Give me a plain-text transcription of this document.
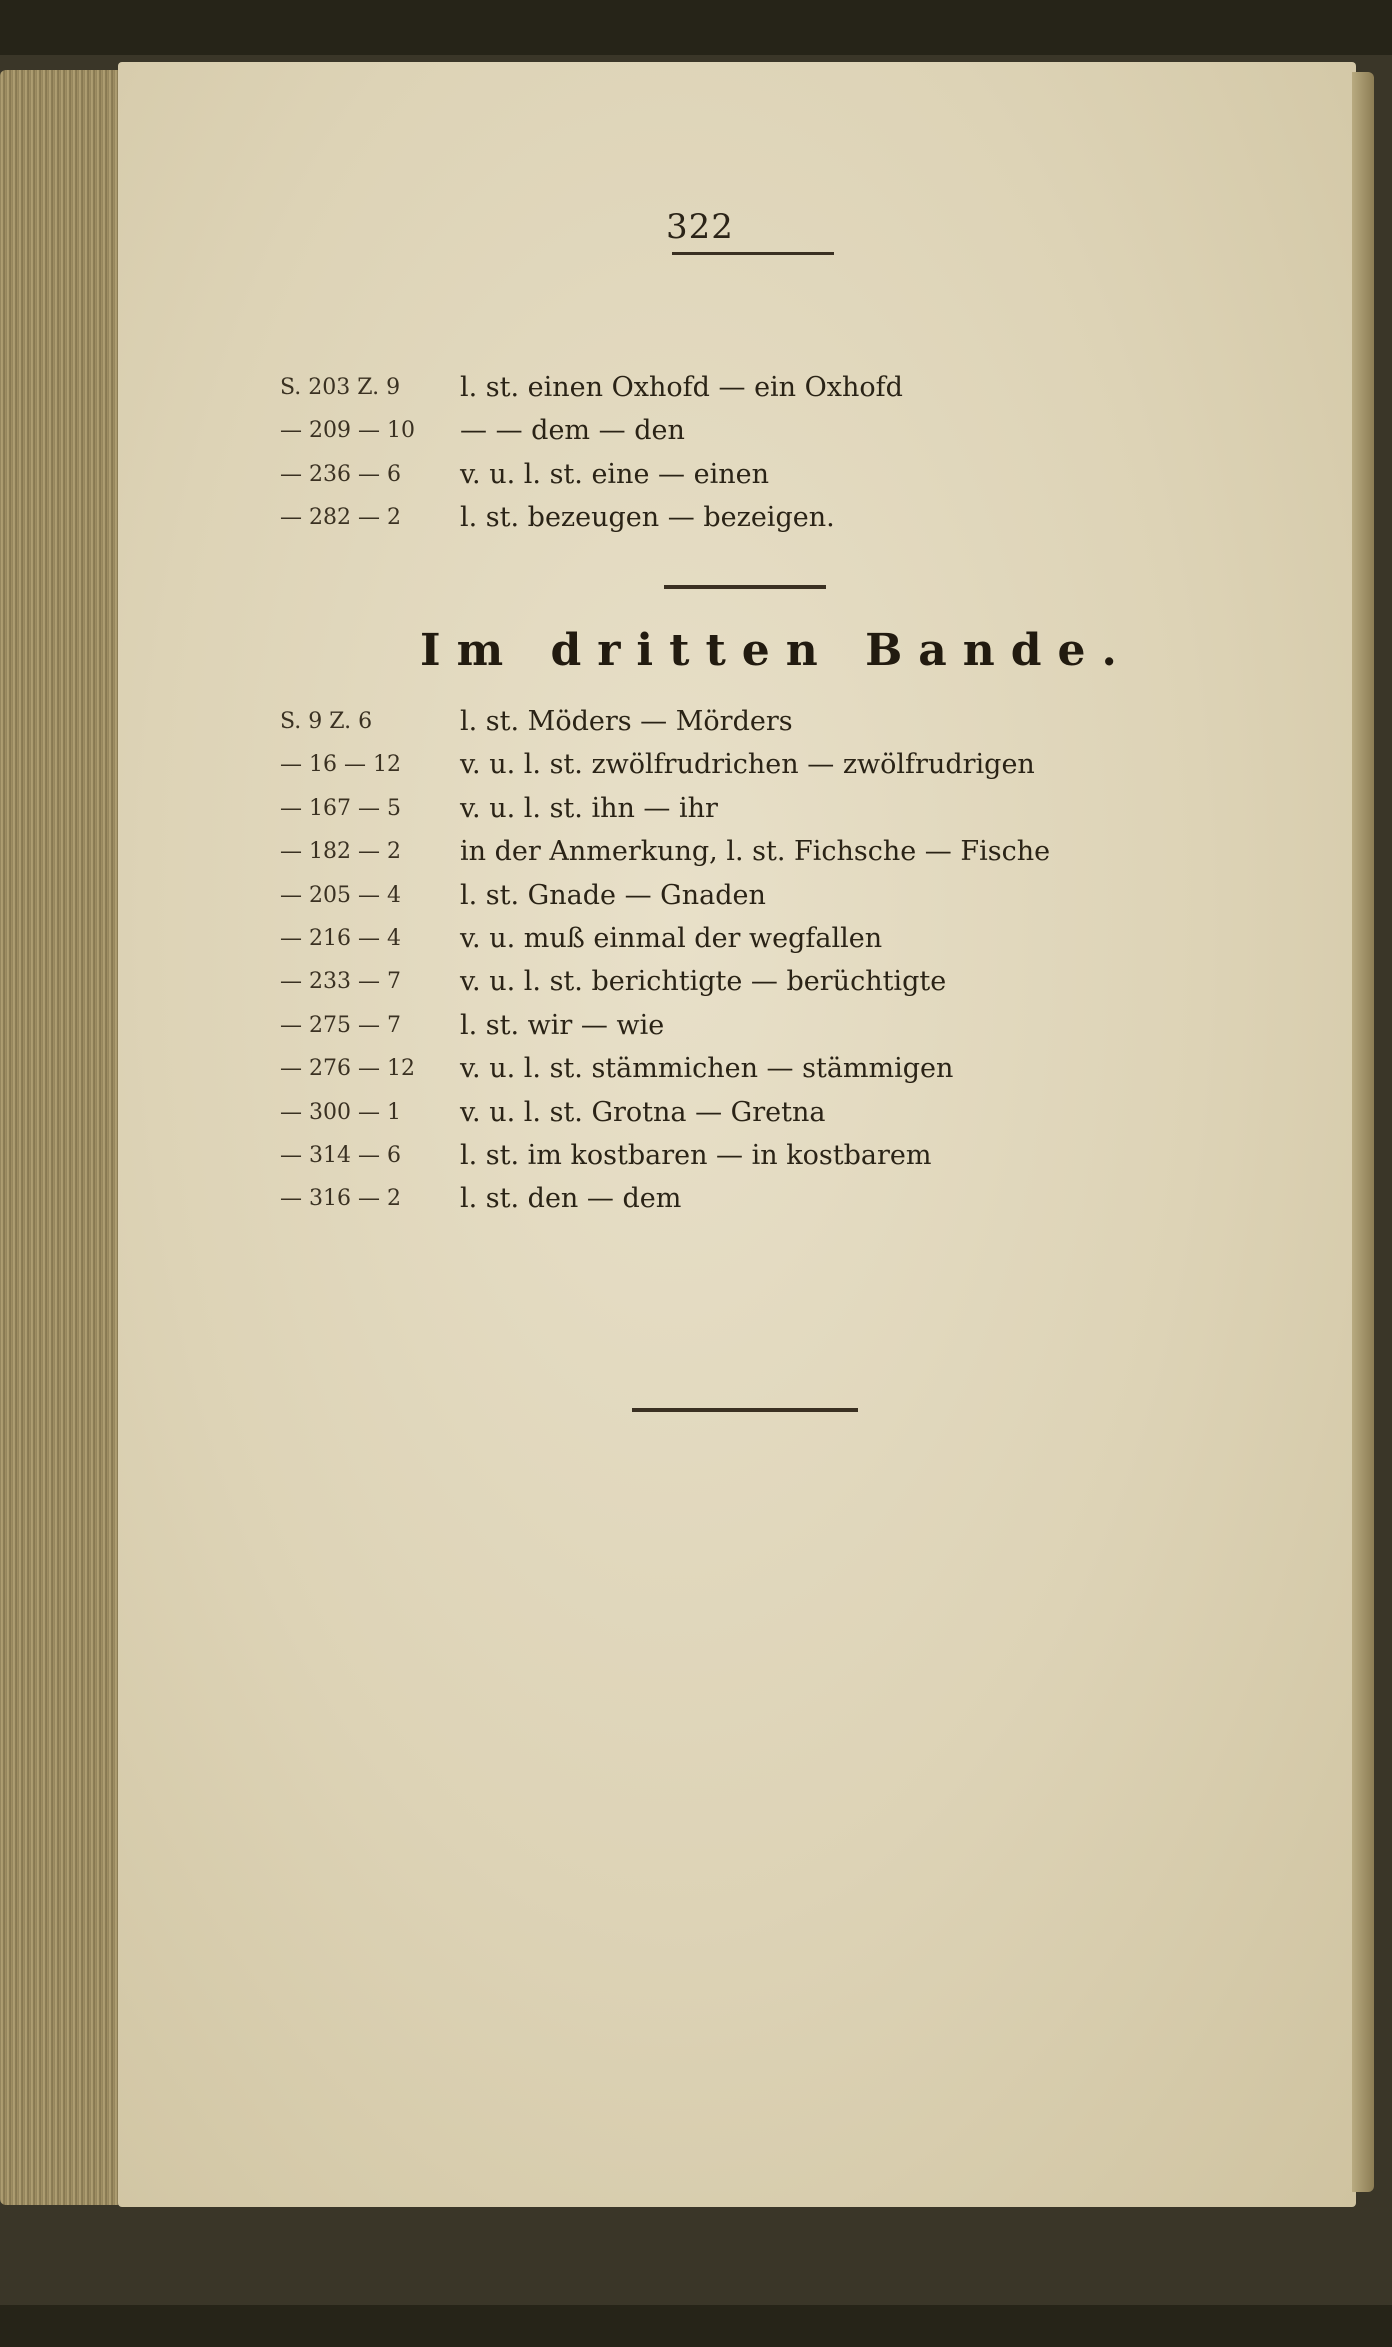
322
S. 203 Z. 9	l. st. einen Oxhofd — ein Oxhofd
— 209 — 10	— — dem — den
— 236 — 6	v. u. l. st. eine — einen
— 282 — 2	l. st. bezeugen — bezeigen.
Im dritten Bande.
S. 9 Z. 6	l. st. Möders — Mörders
— 16 — 12	v. u. l. st. zwölfrudrichen — zwölfrudrigen
— 167 — 5	v. u. l. st. ihn — ihr
— 182 — 2	in der Anmerkung, l. st. Fichsche — Fische
— 205 — 4	l. st. Gnade — Gnaden
— 216 — 4	v. u. muß einmal der wegfallen
— 233 — 7	v. u. l. st. berichtigte — berüchtigte
— 275 — 7	l. st. wir — wie
— 276 — 12	v. u. l. st. stämmichen — stämmigen
— 300 — 1	v. u. l. st. Grotna — Gretna
— 314 — 6	l. st. im kostbaren — in kostbarem
— 316 — 2	l. st. den — dem
